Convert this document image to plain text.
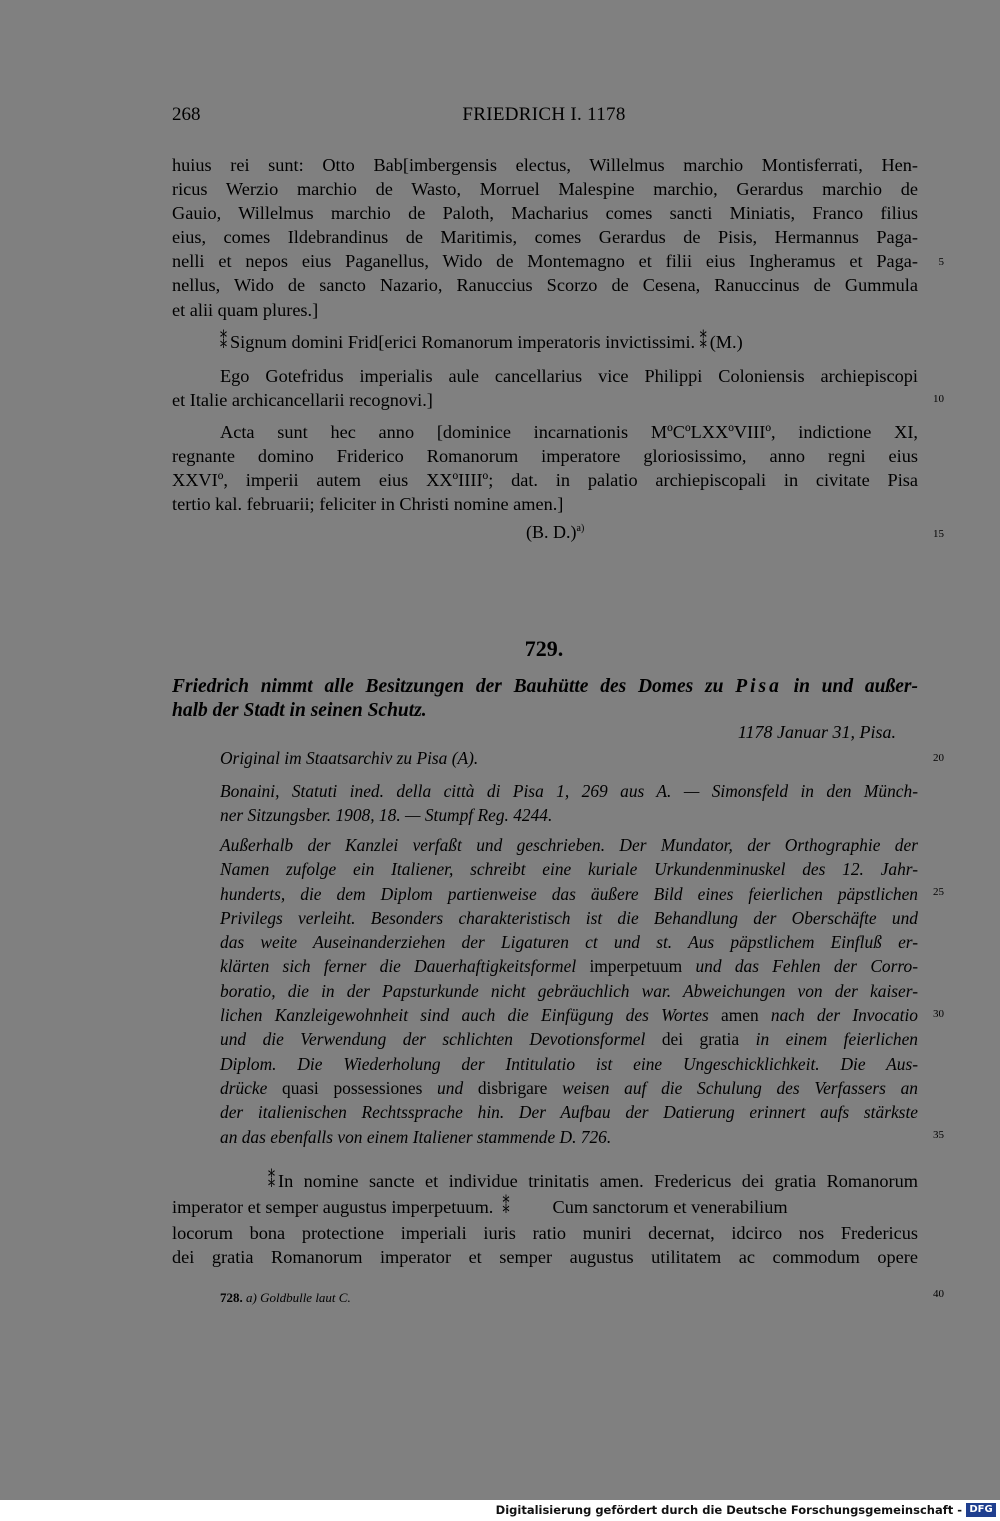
268	FRIEDRICH I. 1178
huius rei sunt: Otto Bab[imbergensis electus, Willelmus marchio Montisferrati, Hen-
ricus Werzio marchio de Wasto, Morruel Malespine marchio, Gerardus marchio de
Gauio, Willelmus marchio de Paloth, Macharius comes sancti Miniatis, Franco filius
eius, comes Ildebrandinus de Maritimis, comes Gerardus de Pisis, Hermannus Paga-
nelli et nepos eius Paganellus, Wido de Montemagno et filii eius Ingheramus et Paga-
nellus, Wido de sancto Nazario, Ranuccius Scorzo de Cesena, Ranuccinus de Gummula
et alii quam plures.]
⁑ Signum domini Frid[erici Romanorum imperatoris invictissimi. ⁑ (M.)
Ego Gotefridus imperialis aule cancellarius vice Philippi Coloniensis archiepiscopi
et Italie archicancellarii recognovi.]
Acta sunt hec anno [dominice incarnationis MºCºLXXºVIIIº, indictione XI,
regnante domino Friderico Romanorum imperatore gloriosissimo, anno regni eius
XXVIº, imperii autem eius XXºIIIIº; dat. in palatio archiepiscopali in civitate Pisa
tertio kal. februarii; feliciter in Christi nomine amen.]
(B. D.)$^{a)}$
729.
Friedrich nimmt alle Besitzungen der Bauhütte des Domes zu Pisa in und außer-
halb der Stadt in seinen Schutz.
1178 Januar 31, Pisa.
Original im Staatsarchiv zu Pisa (A).
Bonaini, Statuti ined. della città di Pisa 1, 269 aus A. — Simonsfeld in den Münch-
ner Sitzungsber. 1908, 18. — Stumpf Reg. 4244.
Außerhalb der Kanzlei verfaßt und geschrieben. Der Mundator, der Orthographie der
Namen zufolge ein Italiener, schreibt eine kuriale Urkundenminuskel des 12. Jahr-
hunderts, die dem Diplom partienweise das äußere Bild eines feierlichen päpstlichen
Privilegs verleiht. Besonders charakteristisch ist die Behandlung der Oberschäfte und
das weite Auseinanderziehen der Ligaturen ct und st. Aus päpstlichem Einfluß er-
klärten sich ferner die Dauerhaftigkeitsformel imperpetuum und das Fehlen der Corro-
boratio, die in der Papsturkunde nicht gebräuchlich war. Abweichungen von der kaiser-
lichen Kanzleigewohnheit sind auch die Einfügung des Wortes amen nach der Invocatio
und die Verwendung der schlichten Devotionsformel dei gratia in einem feierlichen
Diplom. Die Wiederholung der Intitulatio ist eine Ungeschicklichkeit. Die Aus-
drücke quasi possessiones und disbrigare weisen auf die Schulung des Verfassers an
der italienischen Rechtssprache hin. Der Aufbau der Datierung erinnert aufs stärkste
an das ebenfalls von einem Italiener stammende D. 726.
⁑ In nomine sancte et individue trinitatis amen. Fredericus dei gratia Romanorum
imperator et semper augustus imperpetuum. ⁑ Cum sanctorum et venerabilium
locorum bona protectione imperiali iuris ratio muniri decernat, idcirco nos Fredericus
dei gratia Romanorum imperator et semper augustus utilitatem ac commodum opere
728. a) Goldbulle laut C.
5
10
15
20
25
30
35
40
Digitalisierung gefördert durch die Deutsche Forschungsgemeinschaft - DFG
